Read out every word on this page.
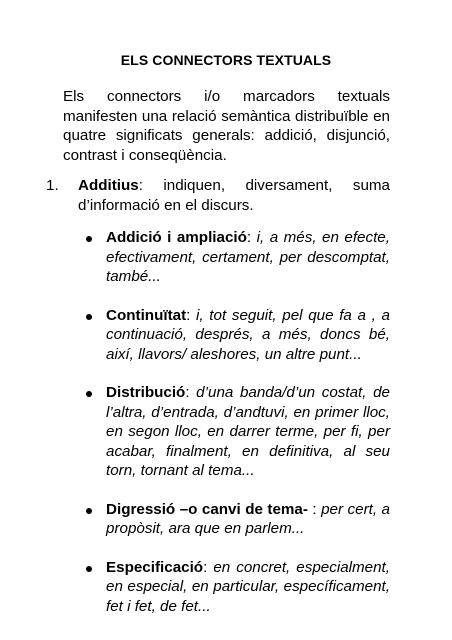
ELS CONNECTORS TEXTUALS
Els connectors i/o marcadors textuals manifesten una relació semàntica distribuïble en quatre significats generals: addició, disjunció, contrast i conseqüència.
1. Additius: indiquen, diversament, suma d’informació en el discurs.
Addició i ampliació: i, a més, en efecte, efectivament, certament, per descomptat, també...
Continuïtat: i, tot seguit, pel que fa a , a continuació, després, a més, doncs bé, així, llavors/ aleshores, un altre punt...
Distribució: d’una banda/d’un costat, de l’altra, d’entrada, d’andtuvi, en primer lloc, en segon lloc, en darrer terme, per fi, per acabar, finalment, en definitiva, al seu torn, tornant al tema...
Digressió –o canvi de tema- : per cert, a propòsit, ara que en parlem...
Especificació: en concret, especialment, en especial, en particular, específicament, fet i fet, de fet...
